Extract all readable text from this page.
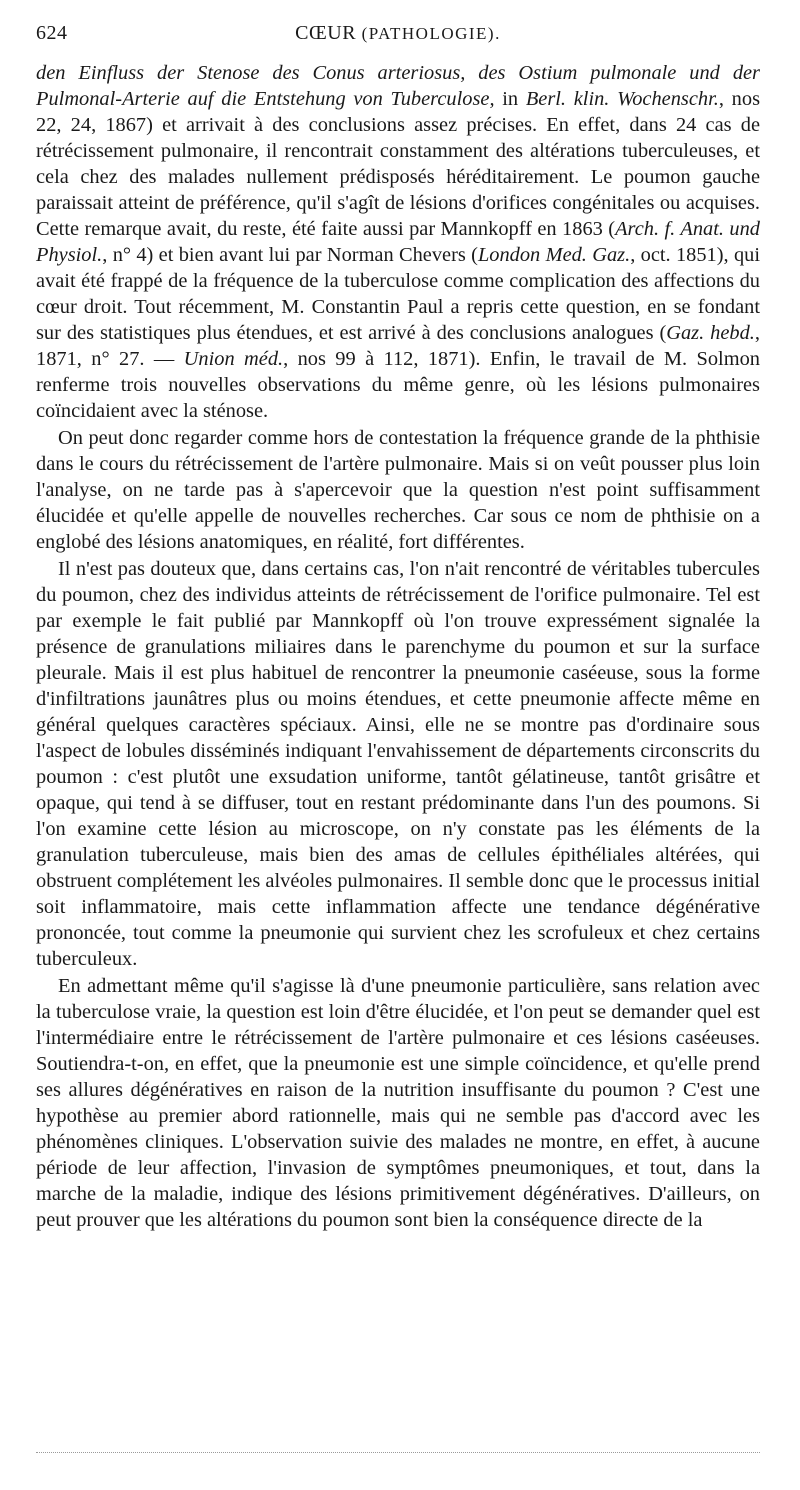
624	CŒUR (PATHOLOGIE).

den Einfluss der Stenose des Conus arteriosus, des Ostium pulmonale und der Pulmonal-Arterie auf die Entstehung von Tuberculose, in Berl. klin. Wochenschr., nos 22, 24, 1867) et arrivait à des conclusions assez précises. En effet, dans 24 cas de rétrécissement pulmonaire, il rencontrait constamment des altérations tuberculeuses, et cela chez des malades nullement prédisposés héréditairement. Le poumon gauche paraissait atteint de préférence, qu'il s'agît de lésions d'orifices congénitales ou acquises. Cette remarque avait, du reste, été faite aussi par Mannkopff en 1863 (Arch. f. Anat. und Physiol., n° 4) et bien avant lui par Norman Chevers (London Med. Gaz., oct. 1851), qui avait été frappé de la fréquence de la tuberculose comme complication des affections du cœur droit. Tout récemment, M. Constantin Paul a repris cette question, en se fondant sur des statistiques plus étendues, et est arrivé à des conclusions analogues (Gaz. hebd., 1871, n° 27. — Union méd., nos 99 à 112, 1871). Enfin, le travail de M. Solmon renferme trois nouvelles observations du même genre, où les lésions pulmonaires coïncidaient avec la sténose.

On peut donc regarder comme hors de contestation la fréquence grande de la phthisie dans le cours du rétrécissement de l'artère pulmonaire. Mais si on veût pousser plus loin l'analyse, on ne tarde pas à s'apercevoir que la question n'est point suffisamment élucidée et qu'elle appelle de nouvelles recherches. Car sous ce nom de phthisie on a englobé des lésions anatomiques, en réalité, fort différentes.

Il n'est pas douteux que, dans certains cas, l'on n'ait rencontré de véritables tubercules du poumon, chez des individus atteints de rétrécissement de l'orifice pulmonaire. Tel est par exemple le fait publié par Mannkopff où l'on trouve expressément signalée la présence de granulations miliaires dans le parenchyme du poumon et sur la surface pleurale. Mais il est plus habituel de rencontrer la pneumonie caséeuse, sous la forme d'infiltrations jaunâtres plus ou moins étendues, et cette pneumonie affecte même en général quelques caractères spéciaux. Ainsi, elle ne se montre pas d'ordinaire sous l'aspect de lobules disséminés indiquant l'envahissement de départements circonscrits du poumon : c'est plutôt une exsudation uniforme, tantôt gélatineuse, tantôt grisâtre et opaque, qui tend à se diffuser, tout en restant prédominante dans l'un des poumons. Si l'on examine cette lésion au microscope, on n'y constate pas les éléments de la granulation tuberculeuse, mais bien des amas de cellules épithéliales altérées, qui obstruent complétement les alvéoles pulmonaires. Il semble donc que le processus initial soit inflammatoire, mais cette inflammation affecte une tendance dégénérative prononcée, tout comme la pneumonie qui survient chez les scrofuleux et chez certains tuberculeux.

En admettant même qu'il s'agisse là d'une pneumonie particulière, sans relation avec la tuberculose vraie, la question est loin d'être élucidée, et l'on peut se demander quel est l'intermédiaire entre le rétrécissement de l'artère pulmonaire et ces lésions caséeuses. Soutiendra-t-on, en effet, que la pneumonie est une simple coïncidence, et qu'elle prend ses allures dégénératives en raison de la nutrition insuffisante du poumon ? C'est une hypothèse au premier abord rationnelle, mais qui ne semble pas d'accord avec les phénomènes cliniques. L'observation suivie des malades ne montre, en effet, à aucune période de leur affection, l'invasion de symptômes pneumoniques, et tout, dans la marche de la maladie, indique des lésions primitivement dégénératives. D'ailleurs, on peut prouver que les altérations du poumon sont bien la conséquence directe de la
